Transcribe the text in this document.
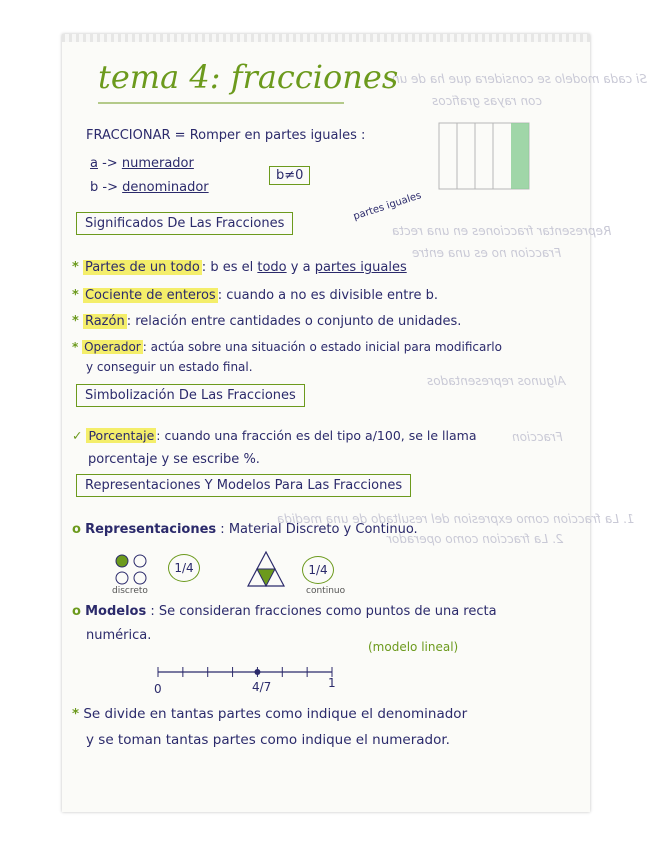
Si cada modelo se considera que ha de un
con rayas graficos
Representar fracciones en una recta
Fraccion no es una entre
Algunos representados
Fraccion
1. La fraccion como expresion del resultado de una medida
2. La fraccion como operador
tema 4: fracciones
FRACCIONAR = Romper en partes iguales :
a -> numerador
b -> denominador
b≠0
Significados De Las Fracciones
partes iguales
* Partes de un todo : b es el todo y a partes iguales
* Cociente de enteros : cuando a no es divisible entre b.
* Razón : relación entre cantidades o conjunto de unidades.
* Operador : actúa sobre una situación o estado inicial para modificarlo
y conseguir un estado final.
Simbolización De Las Fracciones
✓ Porcentaje : cuando una fracción es del tipo a/100, se le llama
porcentaje y se escribe %.
Representaciones Y Modelos Para Las Fracciones
o Representaciones : Material Discreto y Continuo.
1/4
discreto
1/4
continuo
o Modelos : Se consideran fracciones como puntos de una recta
numérica.
(modelo lineal)
0	4/7	1
* Se divide en tantas partes como indique el denominador
y se toman tantas partes como indique el numerador.
